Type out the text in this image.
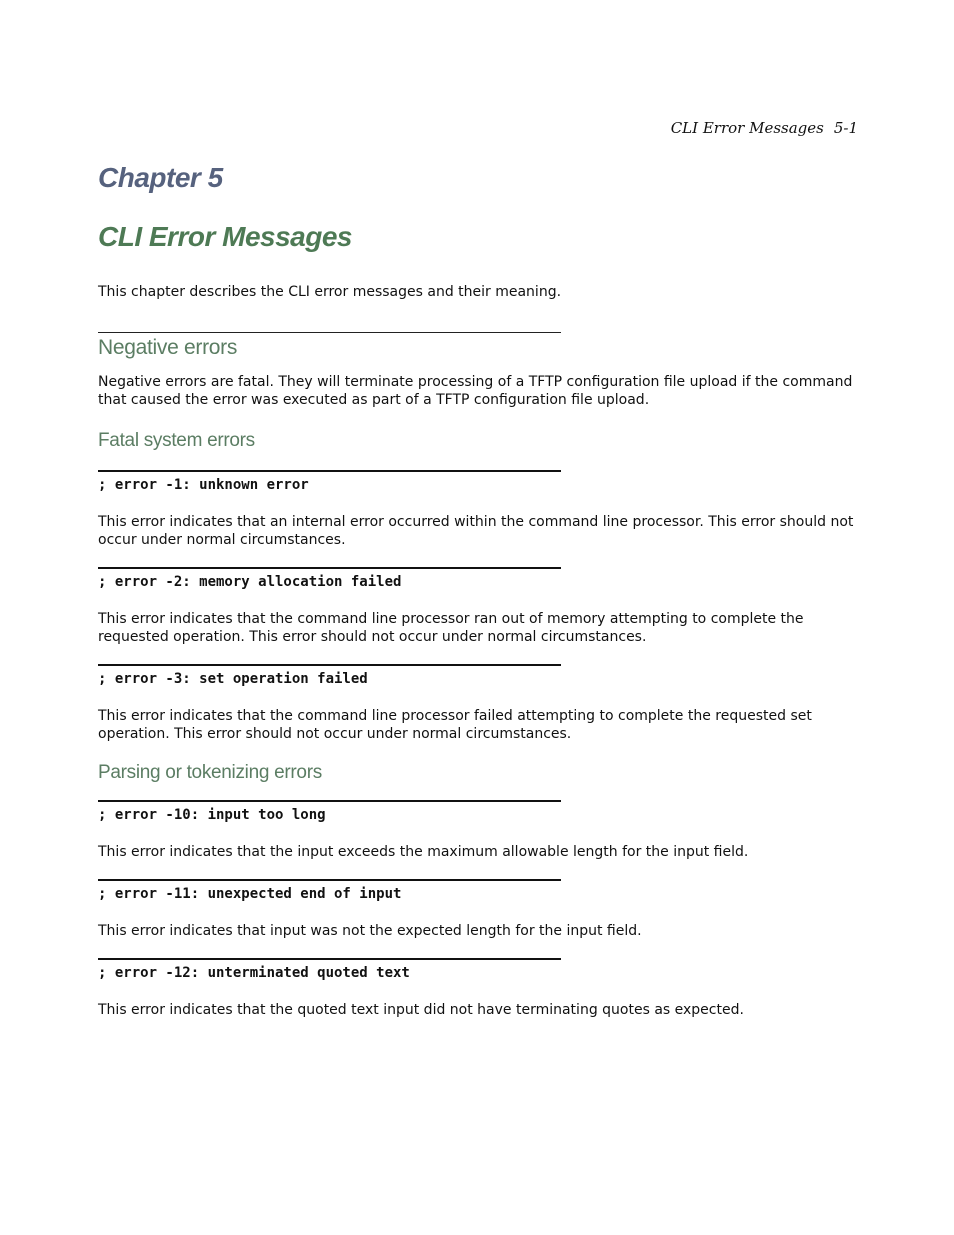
CLI Error Messages 5-1
Chapter 5
CLI Error Messages
This chapter describes the CLI error messages and their meaning.
Negative errors
Negative errors are fatal. They will terminate processing of a TFTP configuration file upload if the command that caused the error was executed as part of a TFTP configuration file upload.
Fatal system errors
; error -1: unknown error
This error indicates that an internal error occurred within the command line processor. This error should not occur under normal circumstances.
; error -2: memory allocation failed
This error indicates that the command line processor ran out of memory attempting to complete the requested operation. This error should not occur under normal circumstances.
; error -3: set operation failed
This error indicates that the command line processor failed attempting to complete the requested set operation. This error should not occur under normal circumstances.
Parsing or tokenizing errors
; error -10: input too long
This error indicates that the input exceeds the maximum allowable length for the input field.
; error -11: unexpected end of input
This error indicates that input was not the expected length for the input field.
; error -12: unterminated quoted text
This error indicates that the quoted text input did not have terminating quotes as expected.
